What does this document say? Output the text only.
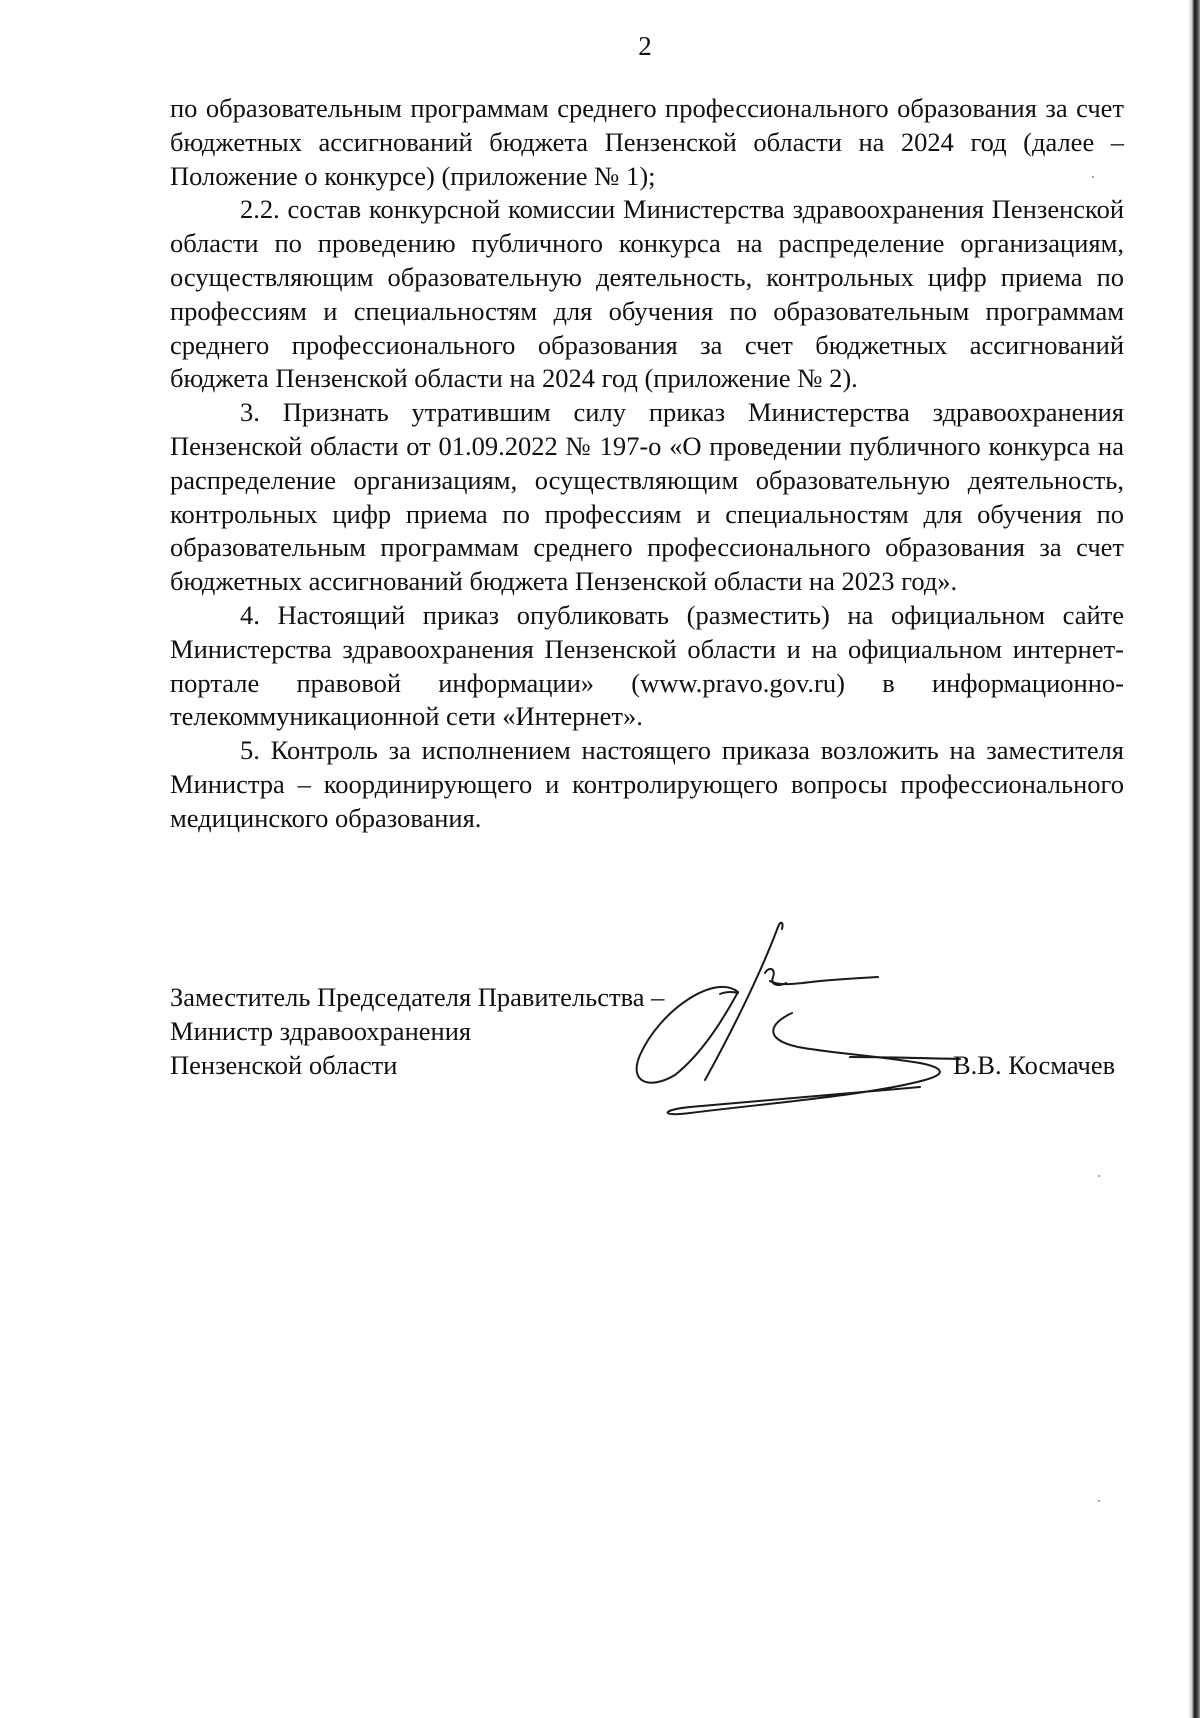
2

по образовательным программам среднего профессионального образования за счет бюджетных ассигнований бюджета Пензенской области на 2024 год (далее – Положение о конкурсе) (приложение № 1);

2.2. состав конкурсной комиссии Министерства здравоохранения Пензенской области по проведению публичного конкурса на распределение организациям, осуществляющим образовательную деятельность, контрольных цифр приема по профессиям и специальностям для обучения по образовательным программам среднего профессионального образования за счет бюджетных ассигнований бюджета Пензенской области на 2024 год (приложение № 2).

3. Признать утратившим силу приказ Министерства здравоохранения Пензенской области от 01.09.2022 № 197-о «О проведении публичного конкурса на распределение организациям, осуществляющим образовательную деятельность, контрольных цифр приема по профессиям и специальностям для обучения по образовательным программам среднего профессионального образования за счет бюджетных ассигнований бюджета Пензенской области на 2023 год».

4. Настоящий приказ опубликовать (разместить) на официальном сайте Министерства здравоохранения Пензенской области и на официальном интернет-портале правовой информации» (www.pravo.gov.ru) в информационно-телекоммуникационной сети «Интернет».

5. Контроль за исполнением настоящего приказа возложить на заместителя Министра – координирующего и контролирующего вопросы профессионального медицинского образования.

Заместитель Председателя Правительства –
Министр здравоохранения
Пензенской области	В.В. Космачев
